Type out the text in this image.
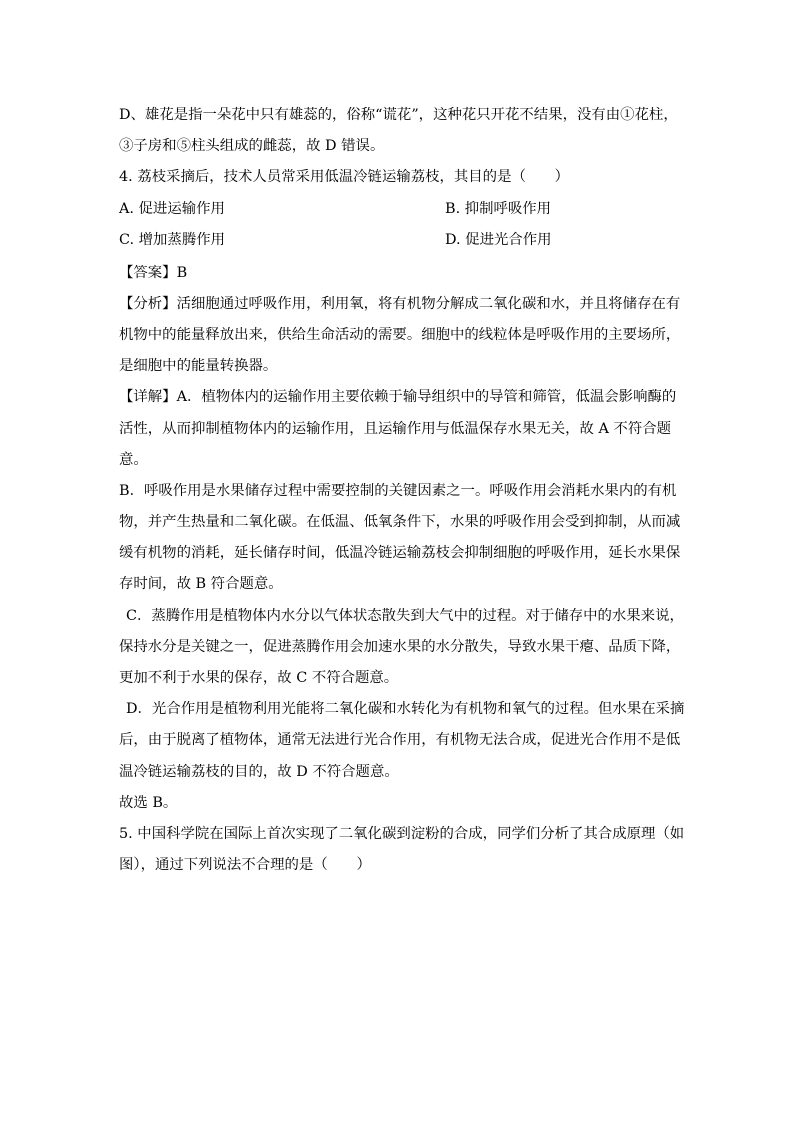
D、雄花是指一朵花中只有雄蕊的，俗称“谎花”，这种花只开花不结果，没有由①花柱，

③子房和⑤柱头组成的雌蕊，故 D 错误。

4. 荔枝采摘后，技术人员常采用低温冷链运输荔枝，其目的是（　　）

A. 促进运输作用	B. 抑制呼吸作用
C. 增加蒸腾作用	D. 促进光合作用

【答案】B

【分析】活细胞通过呼吸作用，利用氧，将有机物分解成二氧化碳和水，并且将储存在有

机物中的能量释放出来，供给生命活动的需要。细胞中的线粒体是呼吸作用的主要场所，

是细胞中的能量转换器。

【详解】A．植物体内的运输作用主要依赖于输导组织中的导管和筛管，低温会影响酶的

活性，从而抑制植物体内的运输作用，且运输作用与低温保存水果无关，故 A 不符合题

意。

B．呼吸作用是水果储存过程中需要控制的关键因素之一。呼吸作用会消耗水果内的有机

物，并产生热量和二氧化碳。在低温、低氧条件下，水果的呼吸作用会受到抑制，从而减

缓有机物的消耗，延长储存时间，低温冷链运输荔枝会抑制细胞的呼吸作用，延长水果保

存时间，故 B 符合题意。

C．蒸腾作用是植物体内水分以气体状态散失到大气中的过程。对于储存中的水果来说，

保持水分是关键之一，促进蒸腾作用会加速水果的水分散失，导致水果干瘪、品质下降，

更加不利于水果的保存，故 C 不符合题意。

D．光合作用是植物利用光能将二氧化碳和水转化为有机物和氧气的过程。但水果在采摘

后，由于脱离了植物体，通常无法进行光合作用，有机物无法合成，促进光合作用不是低

温冷链运输荔枝的目的，故 D 不符合题意。

故选 B。

5. 中国科学院在国际上首次实现了二氧化碳到淀粉的合成，同学们分析了其合成原理（如

图），通过下列说法不合理的是（　　）
